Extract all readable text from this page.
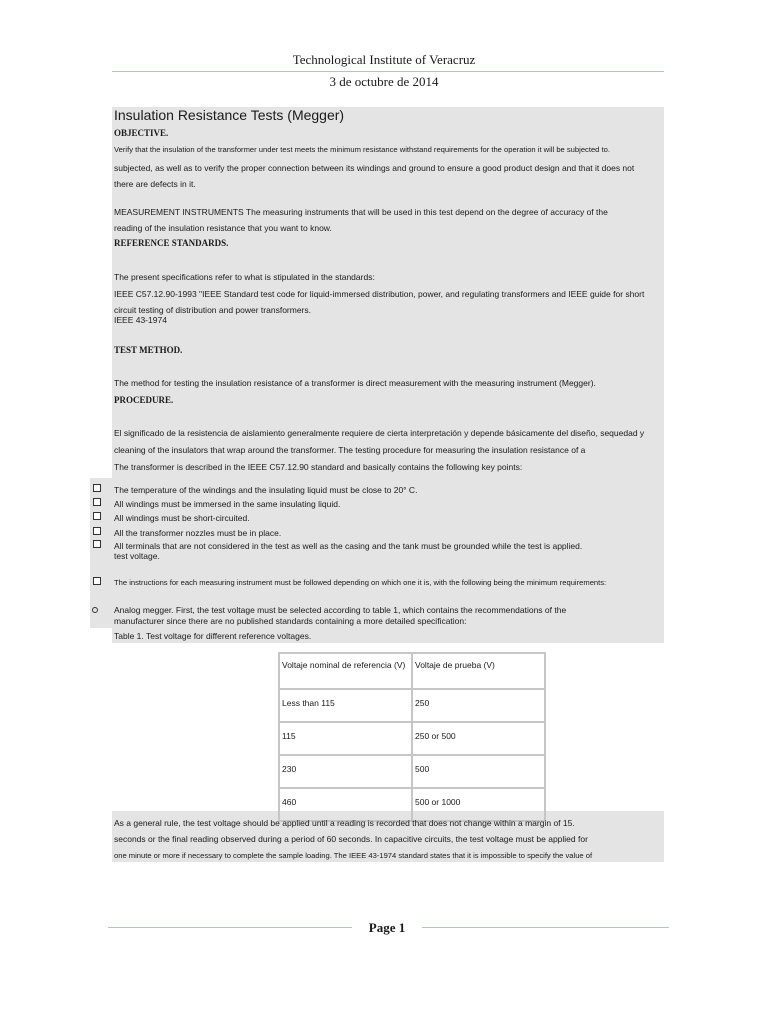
Technological Institute of Veracruz
3 de octubre de 2014
Insulation Resistance Tests (Megger)
OBJECTIVE.
Verify that the insulation of the transformer under test meets the minimum resistance withstand requirements for the operation it will be subjected to.
subjected, as well as to verify the proper connection between its windings and ground to ensure a good product design and that it does not
there are defects in it.
MEASUREMENT INSTRUMENTS The measuring instruments that will be used in this test depend on the degree of accuracy of the
reading of the insulation resistance that you want to know.
REFERENCE STANDARDS.
The present specifications refer to what is stipulated in the standards:
IEEE C57.12.90-1993 "IEEE Standard test code for liquid-immersed distribution, power, and regulating transformers and IEEE guide for short
circuit testing of distribution and power transformers.
IEEE 43-1974
TEST METHOD.
The method for testing the insulation resistance of a transformer is direct measurement with the measuring instrument (Megger).
PROCEDURE.
El significado de la resistencia de aislamiento generalmente requiere de cierta interpretación y depende básicamente del diseño, sequedad y
cleaning of the insulators that wrap around the transformer. The testing procedure for measuring the insulation resistance of a
The transformer is described in the IEEE C57.12.90 standard and basically contains the following key points:
The temperature of the windings and the insulating liquid must be close to 20° C.
All windings must be immersed in the same insulating liquid.
All windings must be short-circuited.
All the transformer nozzles must be in place.
All terminals that are not considered in the test as well as the casing and the tank must be grounded while the test is applied.
test voltage.
The instructions for each measuring instrument must be followed depending on which one it is, with the following being the minimum requirements:
Analog megger. First, the test voltage must be selected according to table 1, which contains the recommendations of the
manufacturer since there are no published standards containing a more detailed specification:
Table 1. Test voltage for different reference voltages.
Voltaje nominal de referencia (V)	Voltaje de prueba (V)
Less than 115	250
115	250 or 500
230	500
460	500 or 1000
As a general rule, the test voltage should be applied until a reading is recorded that does not change within a margin of 15.
seconds or the final reading observed during a period of 60 seconds. In capacitive circuits, the test voltage must be applied for
one minute or more if necessary to complete the sample loading. The IEEE 43-1974 standard states that it is impossible to specify the value of
Page 1
